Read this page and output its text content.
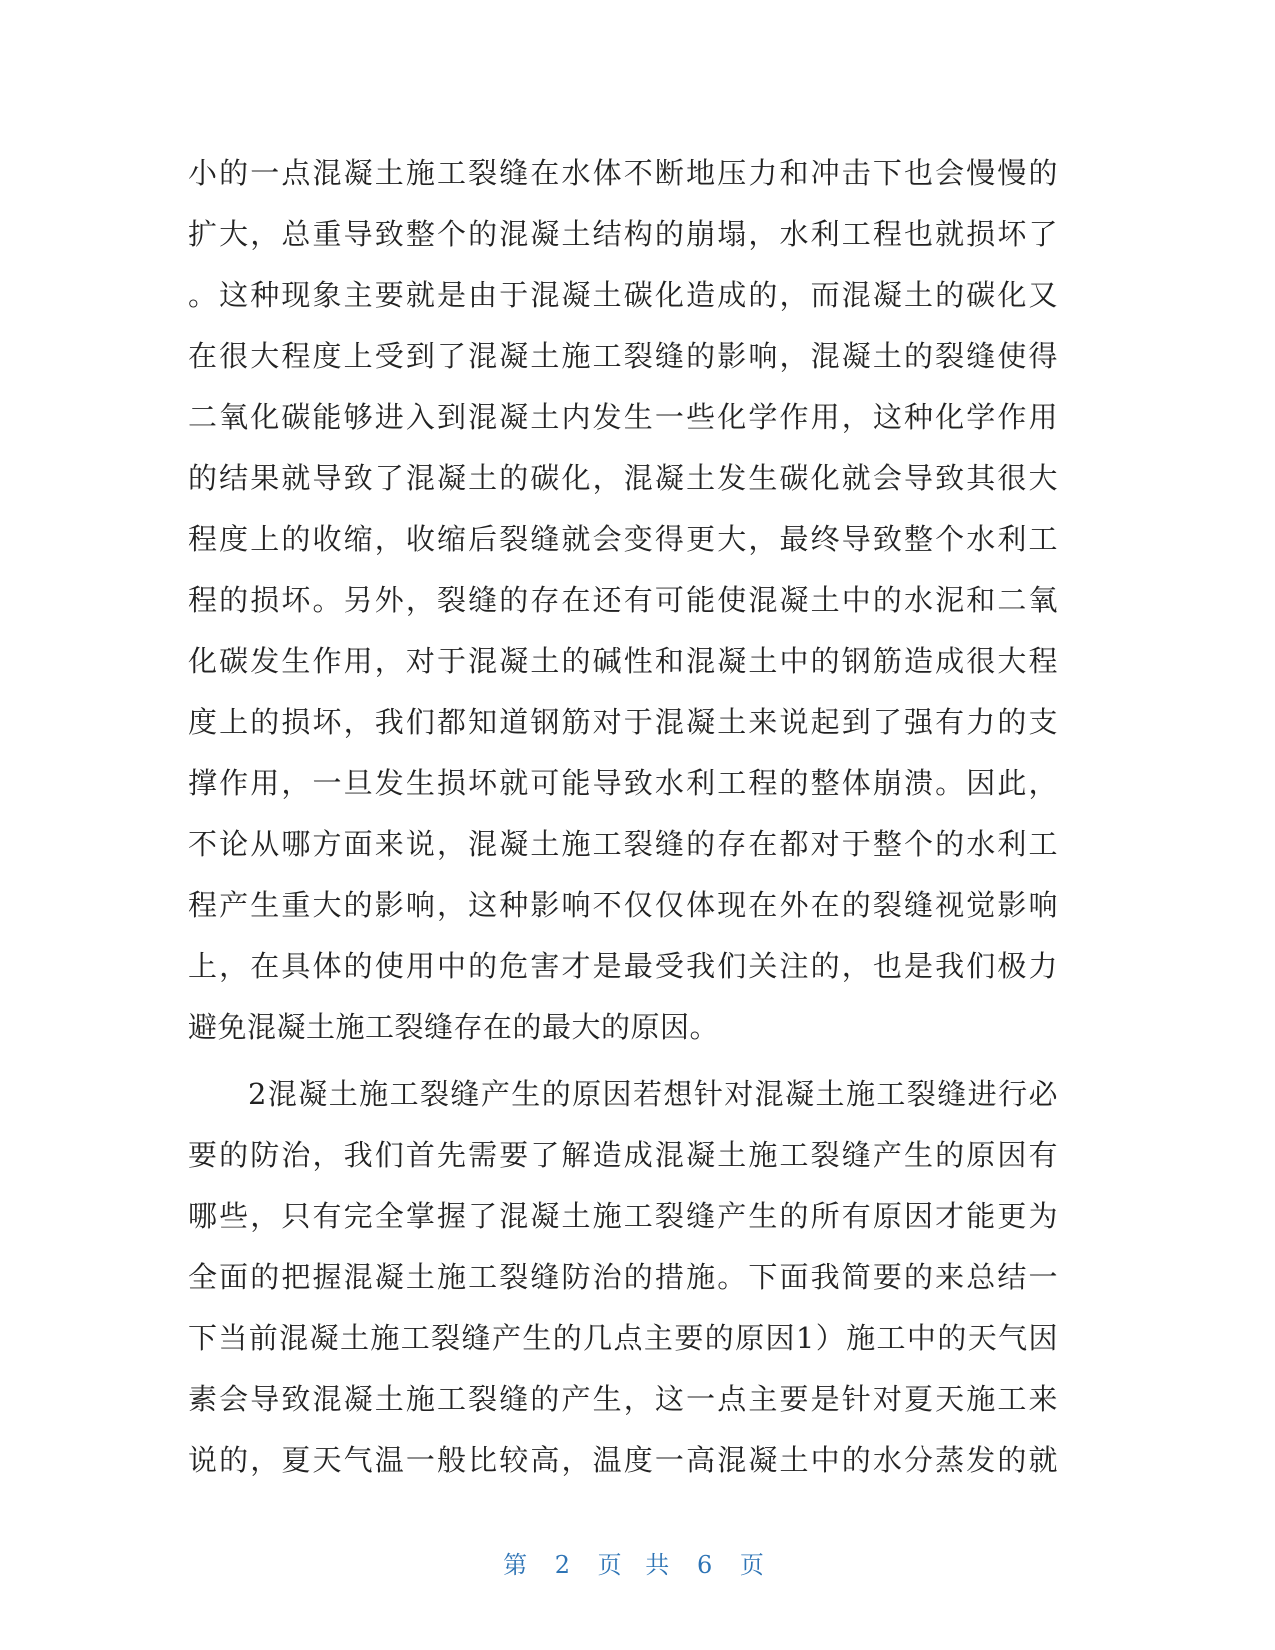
小的一点混凝土施工裂缝在水体不断地压力和冲击下也会慢慢的
扩大，总重导致整个的混凝土结构的崩塌，水利工程也就损坏了
。这种现象主要就是由于混凝土碳化造成的，而混凝土的碳化又
在很大程度上受到了混凝土施工裂缝的影响，混凝土的裂缝使得
二氧化碳能够进入到混凝土内发生一些化学作用，这种化学作用
的结果就导致了混凝土的碳化，混凝土发生碳化就会导致其很大
程度上的收缩，收缩后裂缝就会变得更大，最终导致整个水利工
程的损坏。另外，裂缝的存在还有可能使混凝土中的水泥和二氧
化碳发生作用，对于混凝土的碱性和混凝土中的钢筋造成很大程
度上的损坏，我们都知道钢筋对于混凝土来说起到了强有力的支
撑作用，一旦发生损坏就可能导致水利工程的整体崩溃。因此，
不论从哪方面来说，混凝土施工裂缝的存在都对于整个的水利工
程产生重大的影响，这种影响不仅仅体现在外在的裂缝视觉影响
上，在具体的使用中的危害才是最受我们关注的，也是我们极力
避免混凝土施工裂缝存在的最大的原因。
2混凝土施工裂缝产生的原因若想针对混凝土施工裂缝进行必
要的防治，我们首先需要了解造成混凝土施工裂缝产生的原因有
哪些，只有完全掌握了混凝土施工裂缝产生的所有原因才能更为
全面的把握混凝土施工裂缝防治的措施。下面我简要的来总结一
下当前混凝土施工裂缝产生的几点主要的原因1）施工中的天气因
素会导致混凝土施工裂缝的产生，这一点主要是针对夏天施工来
说的，夏天气温一般比较高，温度一高混凝土中的水分蒸发的就
第 2 页 共 6 页
